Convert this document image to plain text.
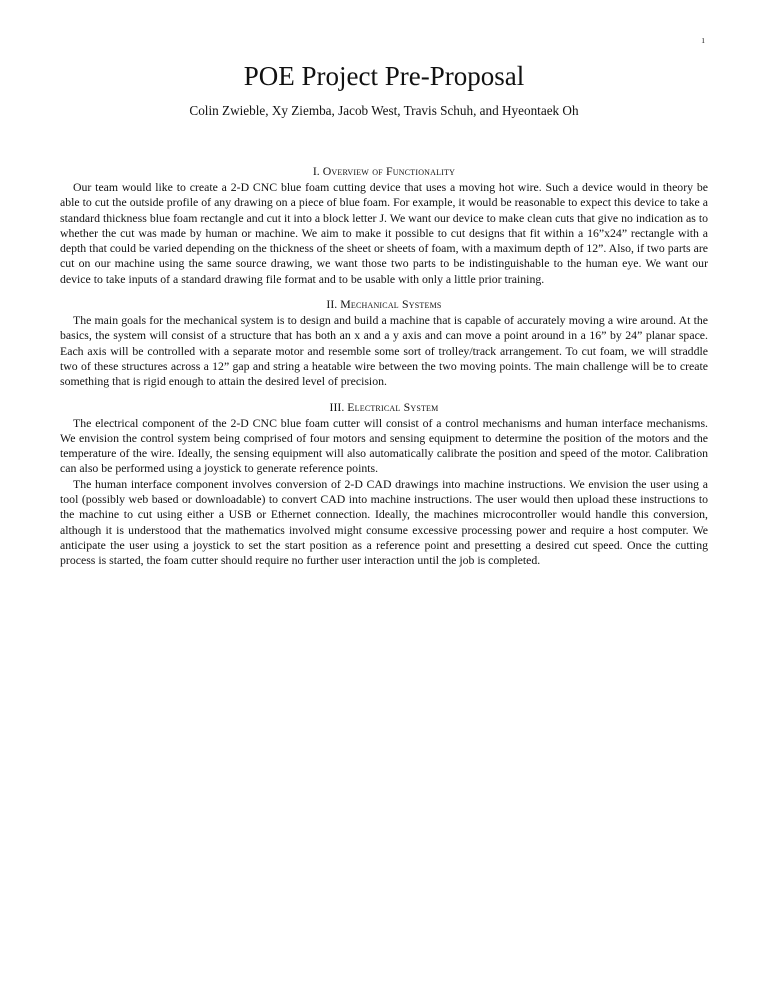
1
POE Project Pre-Proposal
Colin Zwieble, Xy Ziemba, Jacob West, Travis Schuh, and Hyeontaek Oh
I. Overview of Functionality

Our team would like to create a 2-D CNC blue foam cutting device that uses a moving hot wire. Such a device would in theory be able to cut the outside profile of any drawing on a piece of blue foam. For example, it would be reasonable to expect this device to take a standard thickness blue foam rectangle and cut it into a block letter J. We want our device to make clean cuts that give no indication as to whether the cut was made by human or machine. We aim to make it possible to cut designs that fit within a 16”x24” rectangle with a depth that could be varied depending on the thickness of the sheet or sheets of foam, with a maximum depth of 12”. Also, if two parts are cut on our machine using the same source drawing, we want those two parts to be indistinguishable to the human eye. We want our device to take inputs of a standard drawing file format and to be usable with only a little prior training.

II. Mechanical Systems

The main goals for the mechanical system is to design and build a machine that is capable of accurately moving a wire around. At the basics, the system will consist of a structure that has both an x and a y axis and can move a point around in a 16” by 24” planar space. Each axis will be controlled with a separate motor and resemble some sort of trolley/track arrangement. To cut foam, we will straddle two of these structures across a 12” gap and string a heatable wire between the two moving points. The main challenge will be to create something that is rigid enough to attain the desired level of precision.

III. Electrical System

The electrical component of the 2-D CNC blue foam cutter will consist of a control mechanisms and human interface mechanisms. We envision the control system being comprised of four motors and sensing equipment to determine the position of the motors and the temperature of the wire. Ideally, the sensing equipment will also automatically calibrate the position and speed of the motor. Calibration can also be performed using a joystick to generate reference points.

The human interface component involves conversion of 2-D CAD drawings into machine instructions. We envision the user using a tool (possibly web based or downloadable) to convert CAD into machine instructions. The user would then upload these instructions to the machine to cut using either a USB or Ethernet connection. Ideally, the machines microcontroller would handle this conversion, although it is understood that the mathematics involved might consume excessive processing power and require a host computer. We anticipate the user using a joystick to set the start position as a reference point and presetting a desired cut speed. Once the cutting process is started, the foam cutter should require no further user interaction until the job is completed.
